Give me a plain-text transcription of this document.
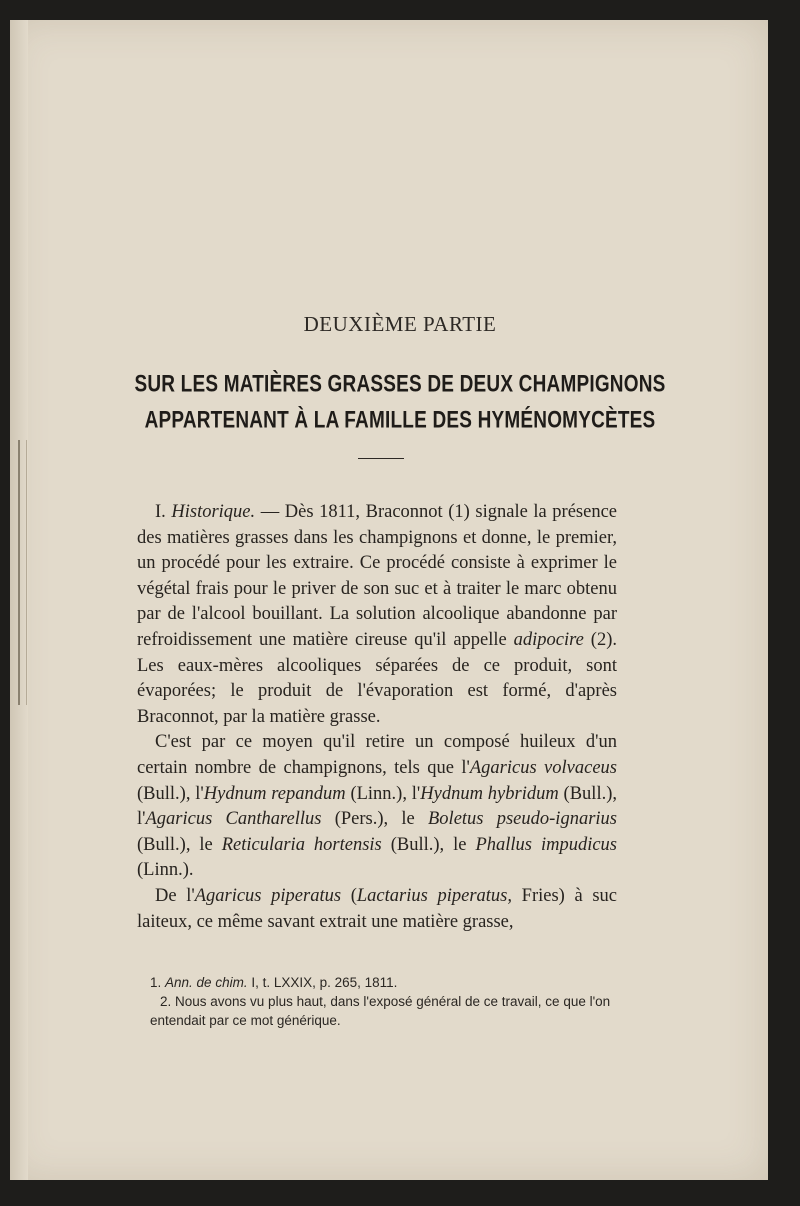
DEUXIÈME PARTIE
SUR LES MATIÈRES GRASSES DE DEUX CHAMPIGNONS
APPARTENANT À LA FAMILLE DES HYMÉNOMYCÈTES

I. Historique. — Dès 1811, Braconnot (1) signale la présence des matières grasses dans les champignons et donne, le premier, un procédé pour les extraire. Ce procédé consiste à exprimer le végétal frais pour le priver de son suc et à traiter le marc obtenu par de l'alcool bouillant. La solution alcoolique abandonne par refroidissement une matière cireuse qu'il appelle adipocire (2). Les eaux-mères alcooliques séparées de ce produit, sont évaporées; le produit de l'évaporation est formé, d'après Braconnot, par la matière grasse.

C'est par ce moyen qu'il retire un composé huileux d'un certain nombre de champignons, tels que l'Agaricus volvaceus (Bull.), l'Hydnum repandum (Linn.), l'Hydnum hybridum (Bull.), l'Agaricus Cantharellus (Pers.), le Boletus pseudo-ignarius (Bull.), le Reticularia hortensis (Bull.), le Phallus impudicus (Linn.).

De l'Agaricus piperatus (Lactarius piperatus, Fries) à suc laiteux, ce même savant extrait une matière grasse,

1. Ann. de chim. I, t. LXXIX, p. 265, 1811.
2. Nous avons vu plus haut, dans l'exposé général de ce travail, ce que l'on entendait par ce mot générique.
